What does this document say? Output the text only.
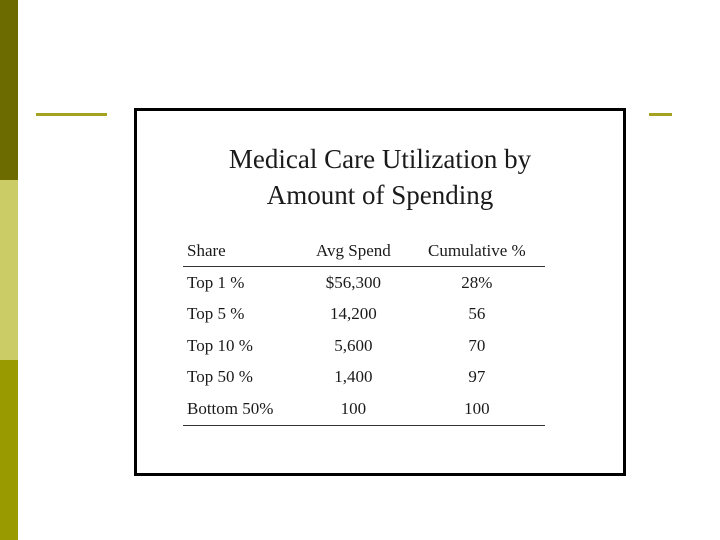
Medical Care Utilization by
Amount of Spending
Share	Avg Spend	Cumulative %
Top 1 %	$56,300	28%
Top 5 %	14,200	56
Top 10 %	5,600	70
Top 50 %	1,400	97
Bottom 50%	100	100
